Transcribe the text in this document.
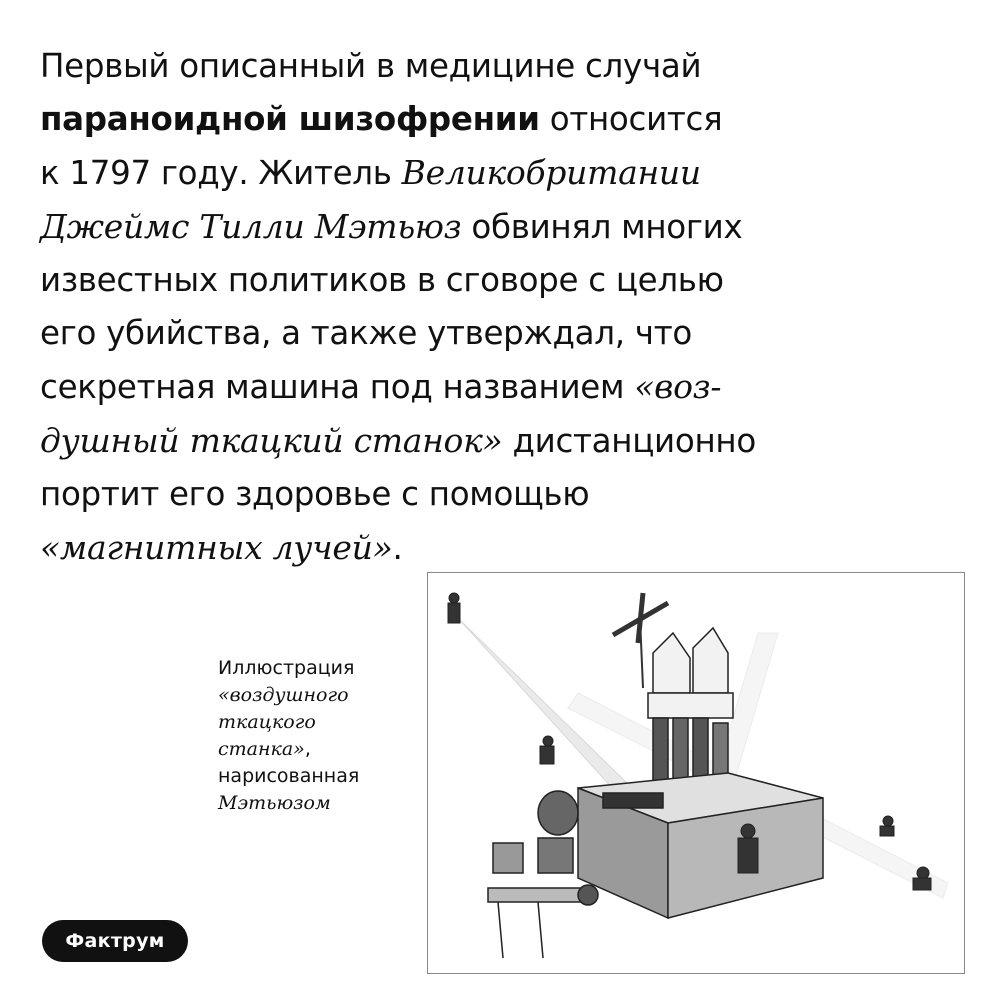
Первый описанный в медицине случай
параноидной шизофрении относится
к 1797 году. Житель Великобритании
Джеймс Тилли Мэтьюз обвинял многих
известных политиков в сговоре с целью
его убийства, а также утверждал, что
секретная машина под названием «воз-
душный ткацкий станок» дистанционно
портит его здоровье с помощью
«магнитных лучей».
Иллюстрация
«воздушного
ткацкого
станка»,
нарисованная
Мэтьюзом
Фактрум
